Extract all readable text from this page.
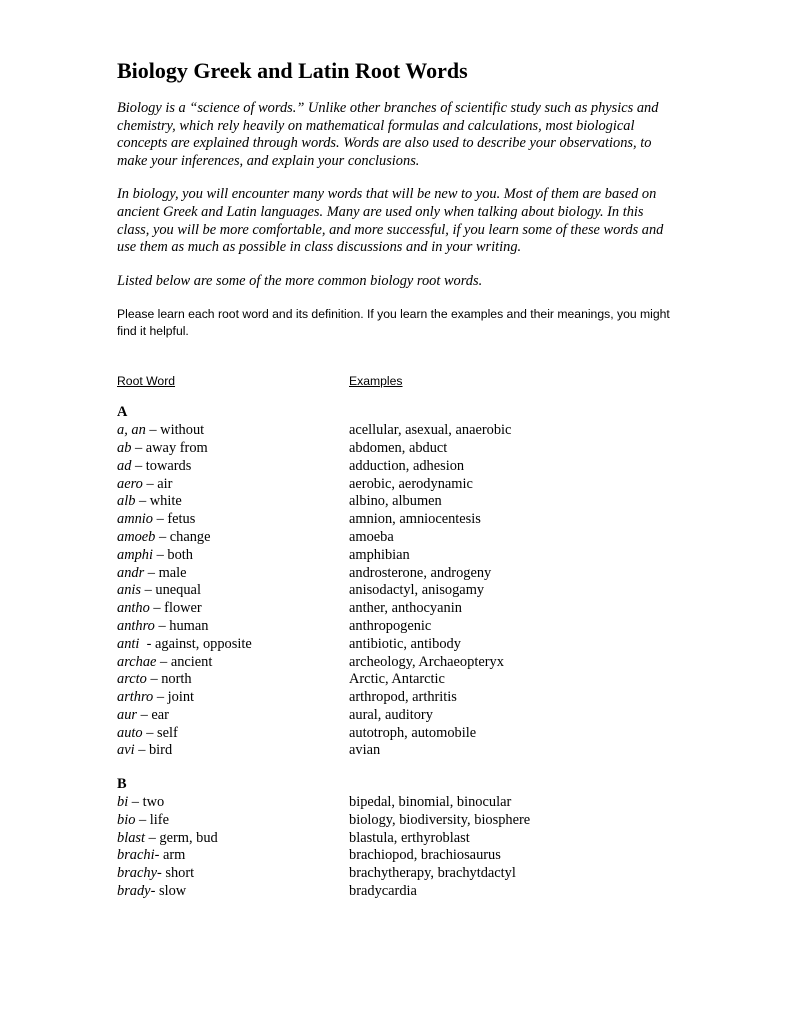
Biology Greek and Latin Root Words

Biology is a “science of words.” Unlike other branches of scientific study such as physics and chemistry, which rely heavily on mathematical formulas and calculations, most biological concepts are explained through words. Words are also used to describe your observations, to make your inferences, and explain your conclusions.

In biology, you will encounter many words that will be new to you. Most of them are based on ancient Greek and Latin languages. Many are used only when talking about biology. In this class, you will be more comfortable, and more successful, if you learn some of these words and use them as much as possible in class discussions and in your writing.

Listed below are some of the more common biology root words.

Please learn each root word and its definition. If you learn the examples and their meanings, you might find it helpful.

Root Word	Examples
A
a, an – without	acellular, asexual, anaerobic
ab – away from	abdomen, abduct
ad – towards	adduction, adhesion
aero – air	aerobic, aerodynamic
alb – white	albino, albumen
amnio – fetus	amnion, amniocentesis
amoeb – change	amoeba
amphi – both	amphibian
andr – male	androsterone, androgeny
anis – unequal	anisodactyl, anisogamy
antho – flower	anther, anthocyanin
anthro – human	anthropogenic
anti  - against, opposite	antibiotic, antibody
archae – ancient	archeology, Archaeopteryx
arcto – north	Arctic, Antarctic
arthro – joint	arthropod, arthritis
aur – ear	aural, auditory
auto – self	autotroph, automobile
avi – bird	avian
B
bi – two	bipedal, binomial, binocular
bio – life	biology, biodiversity, biosphere
blast – germ, bud	blastula, erthyroblast
brachi- arm	brachiopod, brachiosaurus
brachy- short	brachytherapy, brachytdactyl
brady- slow	bradycardia
